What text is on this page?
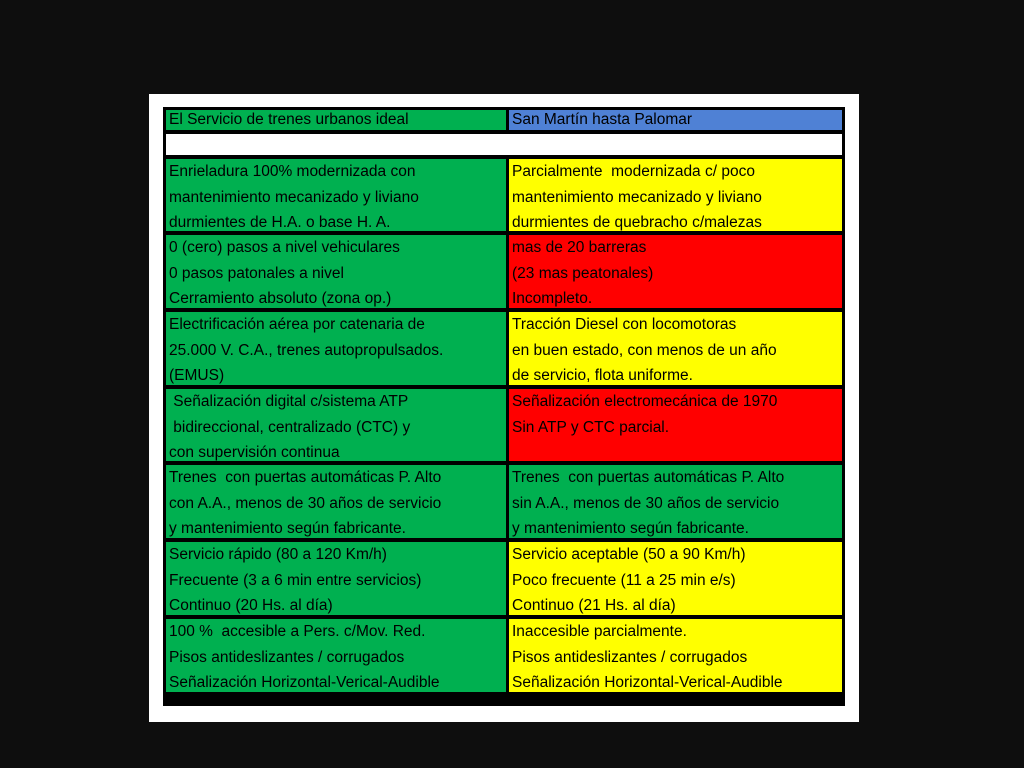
El Servicio de trenes urbanos ideal	San Martín hasta Palomar
Enrieladura 100% modernizada con
mantenimiento mecanizado y liviano
durmientes de H.A. o base H. A.
Parcialmente  modernizada c/ poco
mantenimiento mecanizado y liviano
durmientes de quebracho c/malezas
0 (cero) pasos a nivel vehiculares
0 pasos patonales a nivel
Cerramiento absoluto (zona op.)
mas de 20 barreras
(23 mas peatonales)
Incompleto.
Electrificación aérea por catenaria de
25.000 V. C.A., trenes autopropulsados.
(EMUS)
Tracción Diesel con locomotoras
en buen estado, con menos de un año
de servicio, flota uniforme.
Señalización digital c/sistema ATP
bidireccional, centralizado (CTC) y
con supervisión continua
Señalización electromecánica de 1970
Sin ATP y CTC parcial.
Trenes  con puertas automáticas P. Alto
con A.A., menos de 30 años de servicio
y mantenimiento según fabricante.
Trenes  con puertas automáticas P. Alto
sin A.A., menos de 30 años de servicio
y mantenimiento según fabricante.
Servicio rápido (80 a 120 Km/h)
Frecuente (3 a 6 min entre servicios)
Continuo (20 Hs. al día)
Servicio aceptable (50 a 90 Km/h)
Poco frecuente (11 a 25 min e/s)
Continuo (21 Hs. al día)
100 %  accesible a Pers. c/Mov. Red.
Pisos antideslizantes / corrugados
Señalización Horizontal-Verical-Audible
Inaccesible parcialmente.
Pisos antideslizantes / corrugados
Señalización Horizontal-Verical-Audible
